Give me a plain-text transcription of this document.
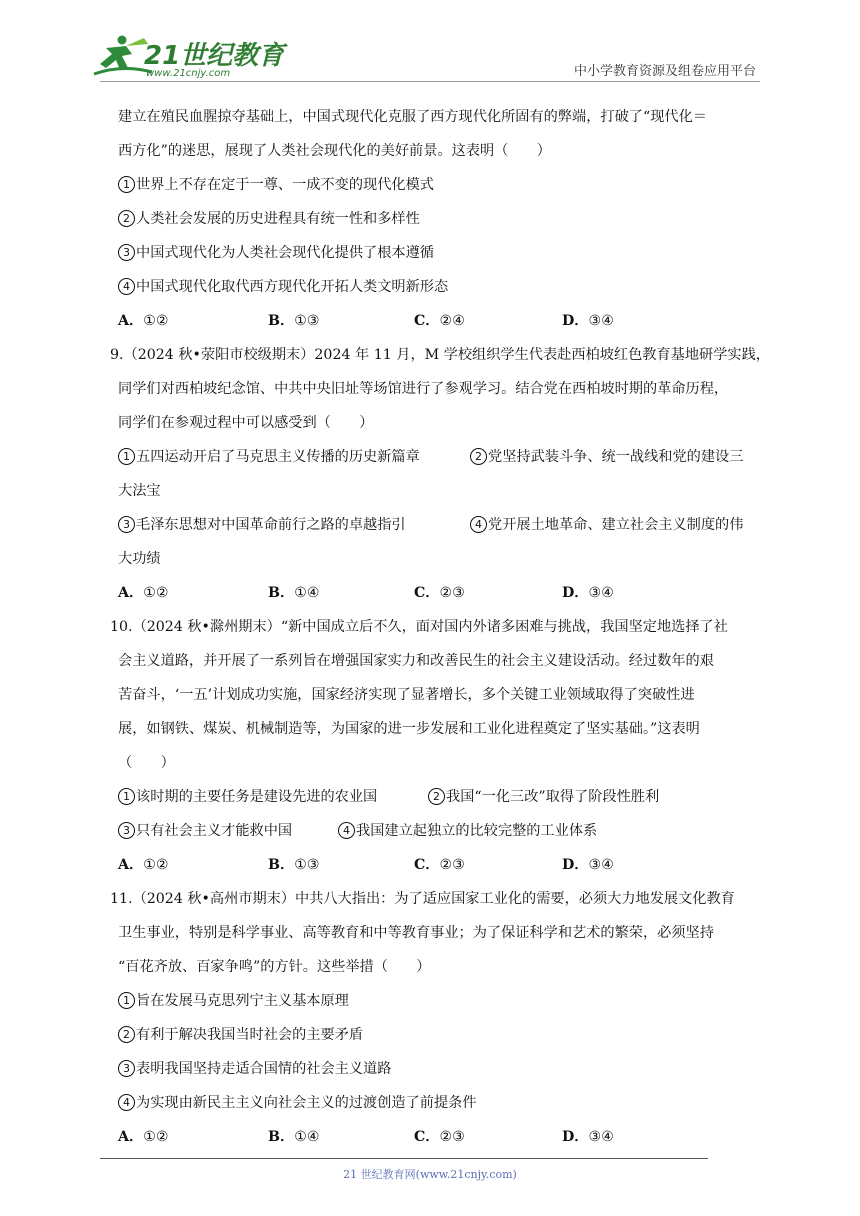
21世纪教育
www.21cnjy.com	中小学教育资源及组卷应用平台
建立在殖民血腥掠夺基础上，中国式现代化克服了西方现代化所固有的弊端，打破了“现代化＝
西方化”的迷思，展现了人类社会现代化的美好前景。这表明（　　）
1 世界上不存在定于一尊、一成不变的现代化模式
2 人类社会发展的历史进程具有统一性和多样性
3 中国式现代化为人类社会现代化提供了根本遵循
4 中国式现代化取代西方现代化开拓人类文明新形态
A．①②	B．①③	C．②④	D．③④
9.（2024 秋•荥阳市校级期末）2024 年 11 月，M 学校组织学生代表赴西柏坡红色教育基地研学实践，
同学们对西柏坡纪念馆、中共中央旧址等场馆进行了参观学习。结合党在西柏坡时期的革命历程，
同学们在参观过程中可以感受到（　　）
1 五四运动开启了马克思主义传播的历史新篇章	2 党坚持武装斗争、统一战线和党的建设三
大法宝
3 毛泽东思想对中国革命前行之路的卓越指引	4 党开展土地革命、建立社会主义制度的伟
大功绩
A．①②	B．①④	C．②③	D．③④
10.（2024 秋•滁州期末）“新中国成立后不久，面对国内外诸多困难与挑战，我国坚定地选择了社
会主义道路，并开展了一系列旨在增强国家实力和改善民生的社会主义建设活动。经过数年的艰
苦奋斗，‘一五’计划成功实施，国家经济实现了显著增长，多个关键工业领域取得了突破性进
展，如钢铁、煤炭、机械制造等，为国家的进一步发展和工业化进程奠定了坚实基础。”这表明
（　　）
1 该时期的主要任务是建设先进的农业国	2 我国“一化三改”取得了阶段性胜利
3 只有社会主义才能救中国	4 我国建立起独立的比较完整的工业体系
A．①②	B．①③	C．②③	D．③④
11.（2024 秋•高州市期末）中共八大指出：为了适应国家工业化的需要，必须大力地发展文化教育
卫生事业，特别是科学事业、高等教育和中等教育事业；为了保证科学和艺术的繁荣，必须坚持
“百花齐放、百家争鸣”的方针。这些举措（　　）
1 旨在发展马克思列宁主义基本原理
2 有利于解决我国当时社会的主要矛盾
3 表明我国坚持走适合国情的社会主义道路
4 为实现由新民主主义向社会主义的过渡创造了前提条件
A．①②	B．①④	C．②③	D．③④
21 世纪教育网(www.21cnjy.com)
